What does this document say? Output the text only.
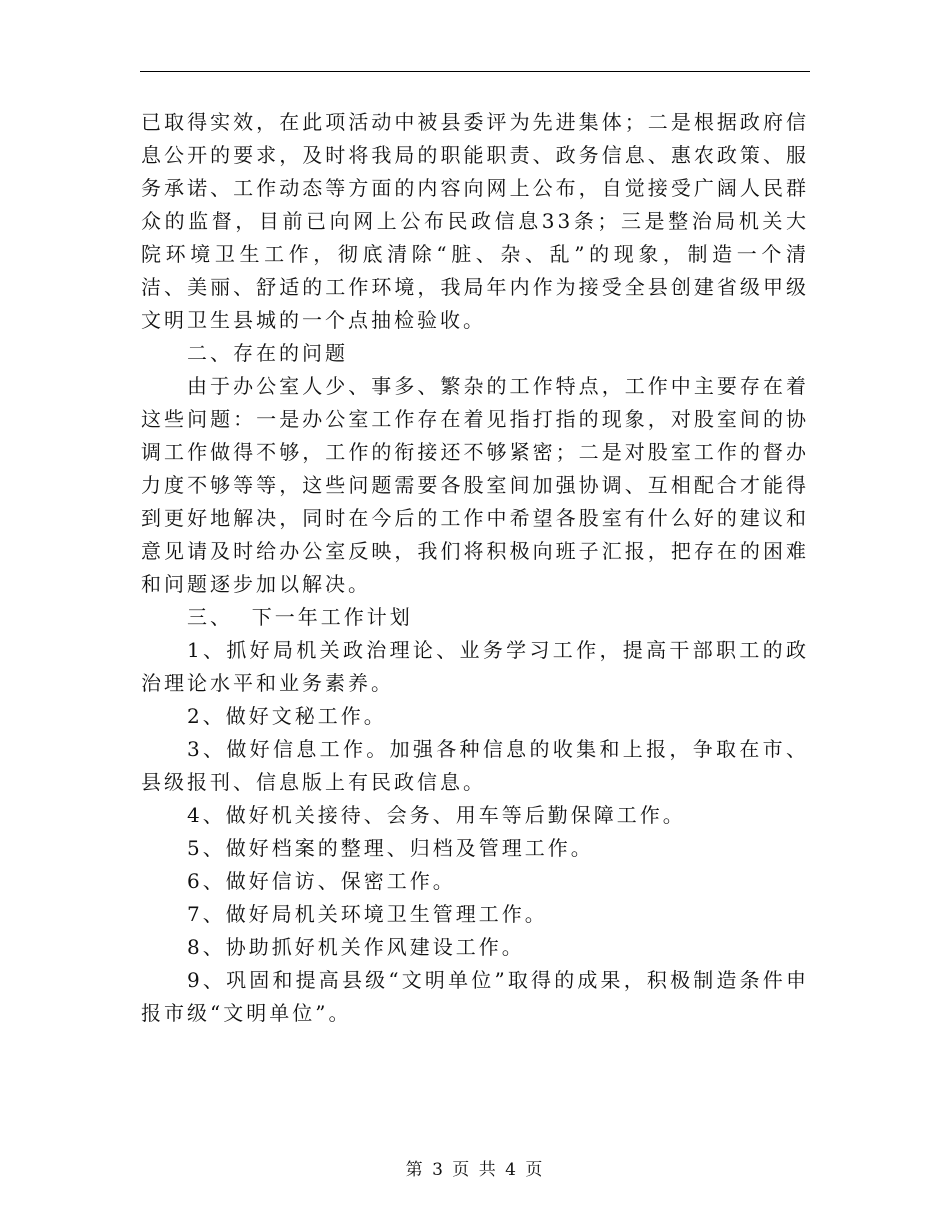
已取得实效，在此项活动中被县委评为先进集体；二是根据政府信息公开的要求，及时将我局的职能职责、政务信息、惠农政策、服务承诺、工作动态等方面的内容向网上公布，自觉接受广阔人民群众的监督，目前已向网上公布民政信息33条；三是整治局机关大院环境卫生工作，彻底清除“脏、杂、乱”的现象，制造一个清洁、美丽、舒适的工作环境，我局年内作为接受全县创建省级甲级文明卫生县城的一个点抽检验收。

二、存在的问题

由于办公室人少、事多、繁杂的工作特点，工作中主要存在着这些问题：一是办公室工作存在着见指打指的现象，对股室间的协调工作做得不够，工作的衔接还不够紧密；二是对股室工作的督办力度不够等等，这些问题需要各股室间加强协调、互相配合才能得到更好地解决，同时在今后的工作中希望各股室有什么好的建议和意见请及时给办公室反映，我们将积极向班子汇报，把存在的困难和问题逐步加以解决。

三、  下一年工作计划

1、抓好局机关政治理论、业务学习工作，提高干部职工的政治理论水平和业务素养。

2、做好文秘工作。

3、做好信息工作。加强各种信息的收集和上报，争取在市、县级报刊、信息版上有民政信息。

4、做好机关接待、会务、用车等后勤保障工作。

5、做好档案的整理、归档及管理工作。

6、做好信访、保密工作。

7、做好局机关环境卫生管理工作。

8、协助抓好机关作风建设工作。

9、巩固和提高县级“文明单位”取得的成果，积极制造条件申报市级“文明单位”。

第 3 页 共 4 页
